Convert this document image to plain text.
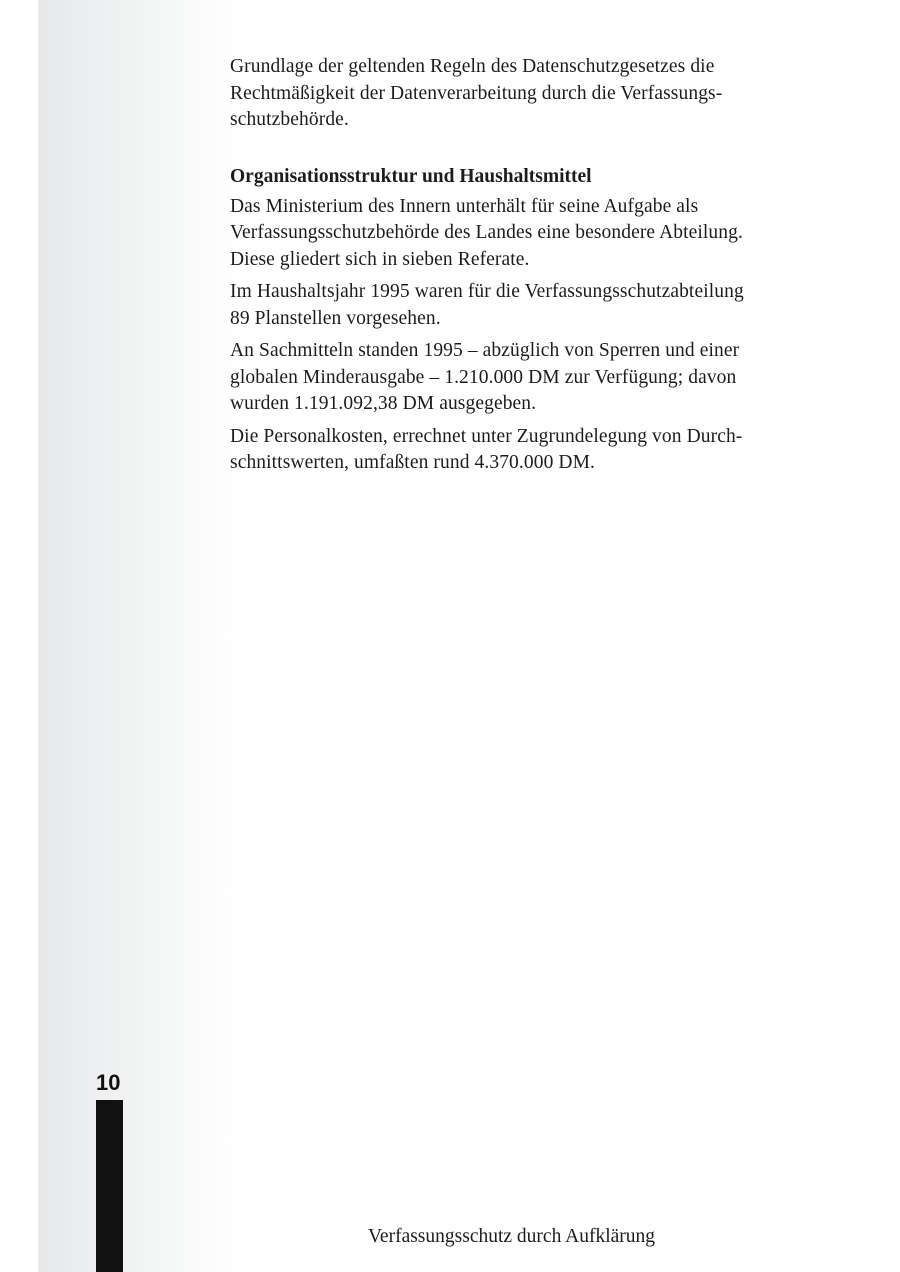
Grundlage der geltenden Regeln des Datenschutzgesetzes die
Rechtmäßigkeit der Datenverarbeitung durch die Verfassungs-
schutzbehörde.

Organisationsstruktur und Haushaltsmittel

Das Ministerium des Innern unterhält für seine Aufgabe als
Verfassungsschutzbehörde des Landes eine besondere Abteilung.
Diese gliedert sich in sieben Referate.

Im Haushaltsjahr 1995 waren für die Verfassungsschutzabteilung
89 Planstellen vorgesehen.

An Sachmitteln standen 1995 – abzüglich von Sperren und einer
globalen Minderausgabe – 1.210.000 DM zur Verfügung; davon
wurden 1.191.092,38 DM ausgegeben.

Die Personalkosten, errechnet unter Zugrundelegung von Durch-
schnittswerten, umfaßten rund 4.370.000 DM.

10
Verfassungsschutz durch Aufklärung
